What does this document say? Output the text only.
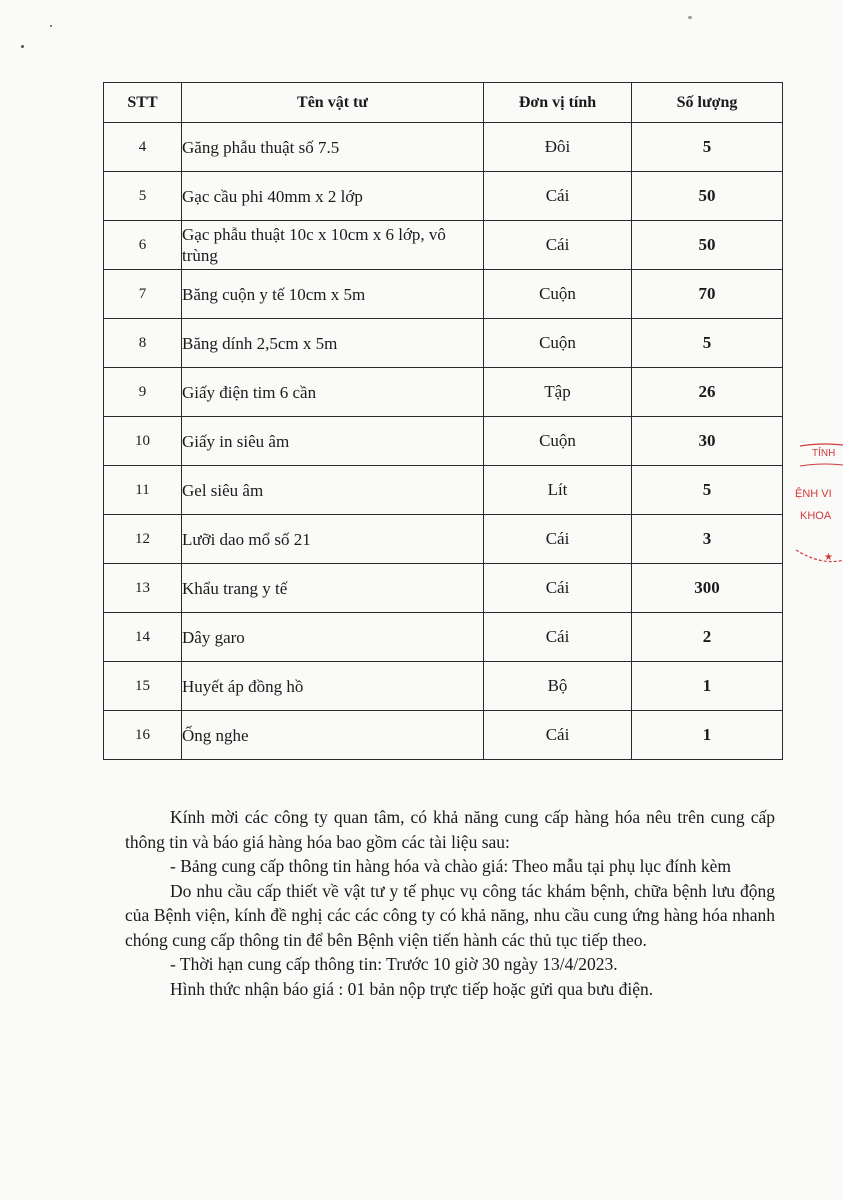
STT	Tên vật tư	Đơn vị tính	Số lượng
4	Găng phẫu thuật số 7.5	Đôi	5
5	Gạc cầu phi 40mm x 2 lớp	Cái	50
6	Gạc phẫu thuật 10c x 10cm x 6 lớp, vô trùng	Cái	50
7	Băng cuộn y tế 10cm x 5m	Cuộn	70
8	Băng dính 2,5cm x 5m	Cuộn	5
9	Giấy điện tim 6 cần	Tập	26
10	Giấy in siêu âm	Cuộn	30
11	Gel siêu âm	Lít	5
12	Lưỡi dao mổ số 21	Cái	3
13	Khẩu trang y tế	Cái	300
14	Dây garo	Cái	2
15	Huyết áp đồng hồ	Bộ	1
16	Ống nghe	Cái	1

Kính mời các công ty quan tâm, có khả năng cung cấp hàng hóa nêu trên cung cấp thông tin và báo giá hàng hóa bao gồm các tài liệu sau:

- Bảng cung cấp thông tin hàng hóa và chào giá: Theo mẫu tại phụ lục đính kèm

Do nhu cầu cấp thiết về vật tư y tế phục vụ công tác khám bệnh, chữa bệnh lưu động của Bệnh viện, kính đề nghị các các công ty có khả năng, nhu cầu cung ứng hàng hóa nhanh chóng cung cấp thông tin để bên Bệnh viện tiến hành các thủ tục tiếp theo.

- Thời hạn cung cấp thông tin: Trước 10 giờ 30 ngày 13/4/2023.

Hình thức nhận báo giá : 01 bản nộp trực tiếp hoặc gửi qua bưu điện.

TỈNH
ỆNH VI
KHOA
★
